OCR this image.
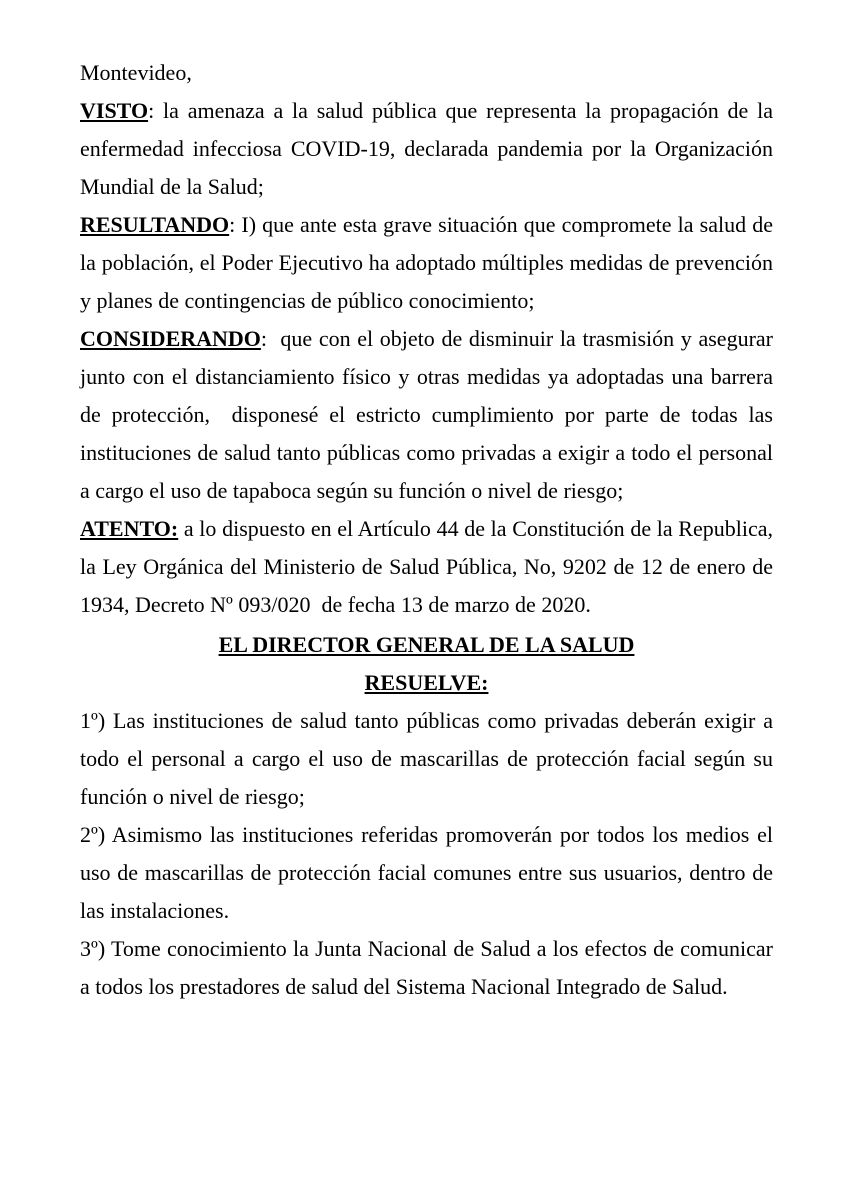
Montevideo,

VISTO: la amenaza a la salud pública que representa la propagación de la enfermedad infecciosa COVID-19, declarada pandemia por la Organización Mundial de la Salud;

RESULTANDO: I) que ante esta grave situación que compromete la salud de la población, el Poder Ejecutivo ha adoptado múltiples medidas de prevención y planes de contingencias de público conocimiento;

CONSIDERANDO:  que con el objeto de disminuir la trasmisión y asegurar junto con el distanciamiento físico y otras medidas ya adoptadas una barrera de protección,  disponesé el estricto cumplimiento por parte de todas las instituciones de salud tanto públicas como privadas a exigir a todo el personal a cargo el uso de tapaboca según su función o nivel de riesgo;

ATENTO: a lo dispuesto en el Artículo 44 de la Constitución de la Republica, la Ley Orgánica del Ministerio de Salud Pública, No, 9202 de 12 de enero de 1934, Decreto Nº 093/020  de fecha 13 de marzo de 2020.

EL DIRECTOR GENERAL DE LA SALUD

RESUELVE:

1º) Las instituciones de salud tanto públicas como privadas deberán exigir a todo el personal a cargo el uso de mascarillas de protección facial según su función o nivel de riesgo;

2º) Asimismo las instituciones referidas promoverán por todos los medios el uso de mascarillas de protección facial comunes entre sus usuarios, dentro de las instalaciones.

3º) Tome conocimiento la Junta Nacional de Salud a los efectos de comunicar a todos los prestadores de salud del Sistema Nacional Integrado de Salud.
